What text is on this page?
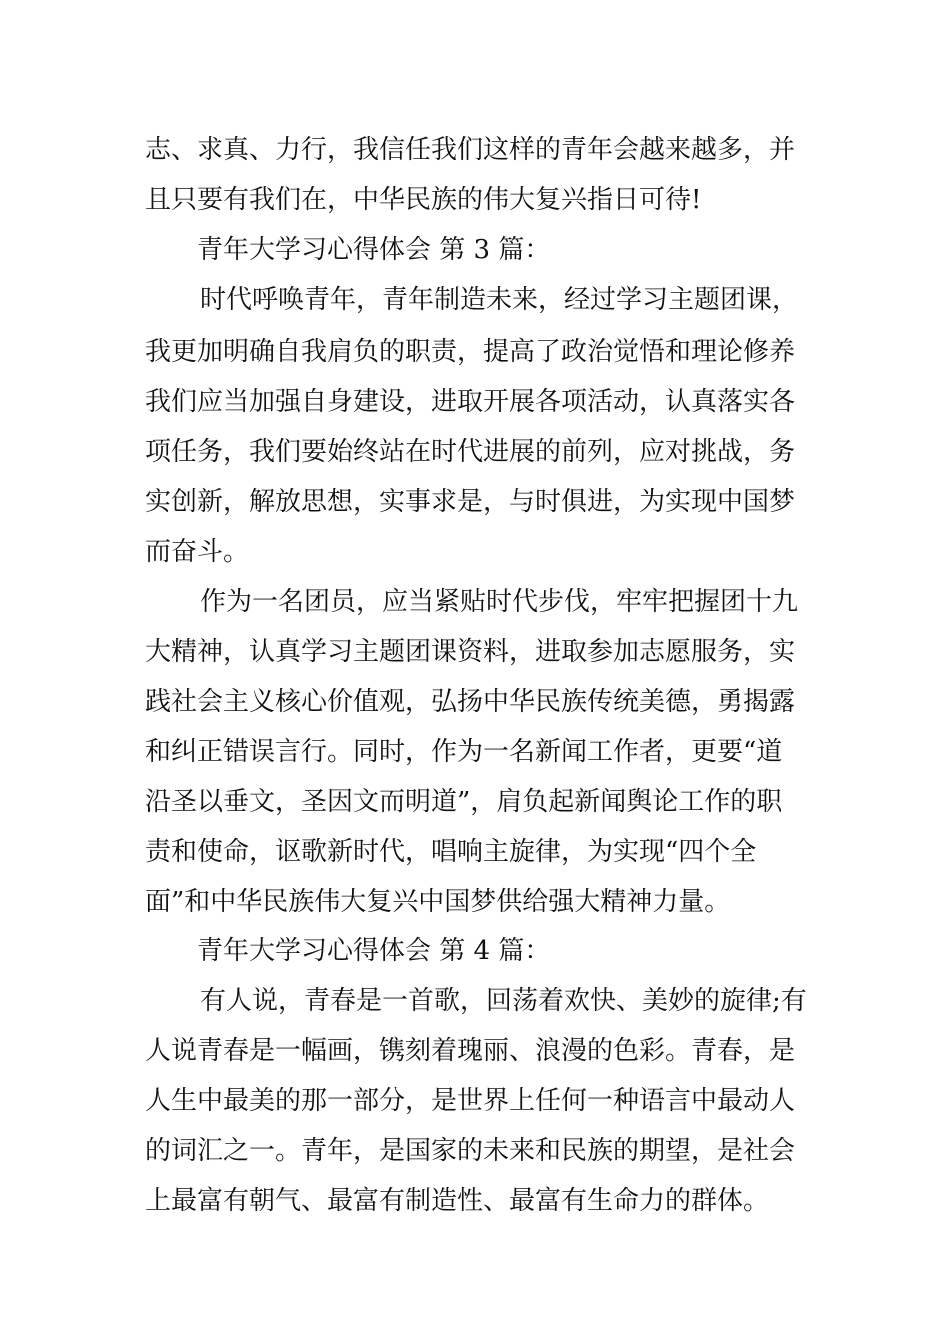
志、求真、力行，我信任我们这样的青年会越来越多，并
且只要有我们在，中华民族的伟大复兴指日可待!
青年大学习心得体会 第 3 篇：
时代呼唤青年，青年制造未来，经过学习主题团课，
我更加明确自我肩负的职责，提高了政治觉悟和理论修养
我们应当加强自身建设，进取开展各项活动，认真落实各
项任务，我们要始终站在时代进展的前列，应对挑战，务
实创新，解放思想，实事求是，与时俱进，为实现中国梦
而奋斗。
作为一名团员，应当紧贴时代步伐，牢牢把握团十九
大精神，认真学习主题团课资料，进取参加志愿服务，实
践社会主义核心价值观，弘扬中华民族传统美德，勇揭露
和纠正错误言行。同时，作为一名新闻工作者，更要“道
沿圣以垂文，圣因文而明道”，肩负起新闻舆论工作的职
责和使命，讴歌新时代，唱响主旋律，为实现“四个全
面”和中华民族伟大复兴中国梦供给强大精神力量。
青年大学习心得体会 第 4 篇：
有人说，青春是一首歌，回荡着欢快、美妙的旋律;有
人说青春是一幅画，镌刻着瑰丽、浪漫的色彩。青春，是
人生中最美的那一部分，是世界上任何一种语言中最动人
的词汇之一。青年，是国家的未来和民族的期望，是社会
上最富有朝气、最富有制造性、最富有生命力的群体。
